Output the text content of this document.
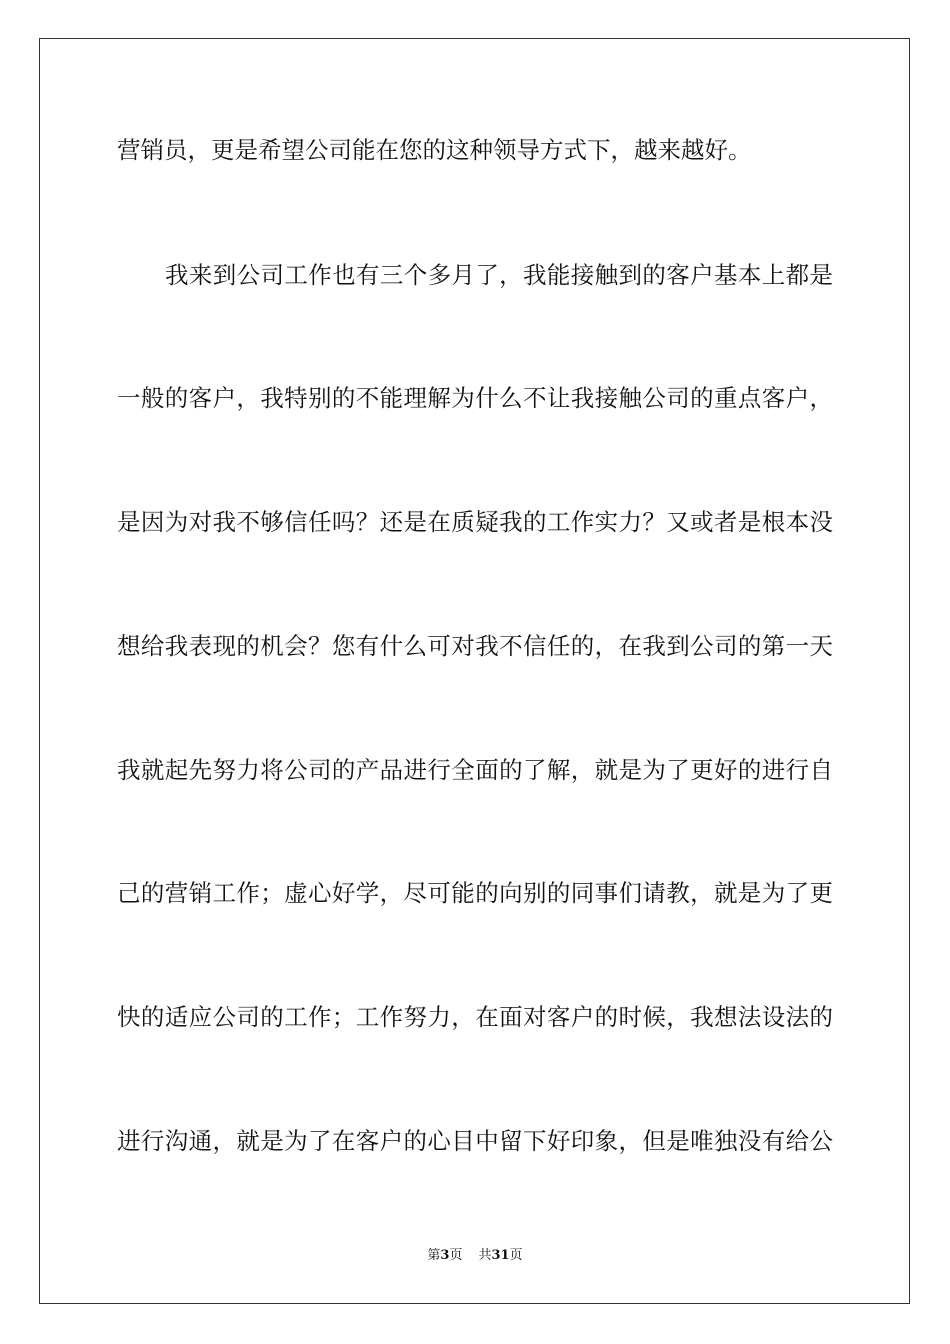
营销员，更是希望公司能在您的这种领导方式下，越来越好。
我来到公司工作也有三个多月了，我能接触到的客户基本上都是
一般的客户，我特别的不能理解为什么不让我接触公司的重点客户，
是因为对我不够信任吗？还是在质疑我的工作实力？又或者是根本没
想给我表现的机会？您有什么可对我不信任的，在我到公司的第一天
我就起先努力将公司的产品进行全面的了解，就是为了更好的进行自
己的营销工作；虚心好学，尽可能的向别的同事们请教，就是为了更
快的适应公司的工作；工作努力，在面对客户的时候，我想法设法的
进行沟通，就是为了在客户的心目中留下好印象，但是唯独没有给公
第3页 共31页
